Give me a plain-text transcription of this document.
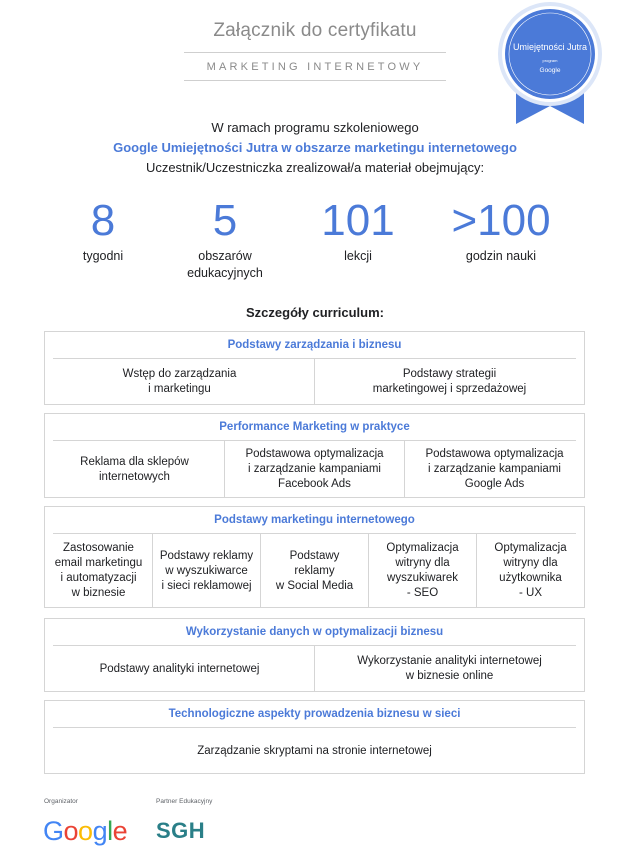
Załącznik do certyfikatu
MARKETING INTERNETOWY
Umiejętności Jutra
program
Google
W ramach programu szkoleniowego
Google Umiejętności Jutra w obszarze marketingu internetowego
Uczestnik/Uczestniczka zrealizował/a materiał obejmujący:
8
tygodni
5
obszarów edukacyjnych
101
lekcji
>100
godzin nauki
Szczegóły curriculum:
Podstawy zarządzania i biznesu
Wstęp do zarządzania
i marketingu
Podstawy strategii
marketingowej i sprzedażowej
Performance Marketing w praktyce
Reklama dla sklepów
internetowych
Podstawowa optymalizacja
i zarządzanie kampaniami
Facebook Ads
Podstawowa optymalizacja
i zarządzanie kampaniami
Google Ads
Podstawy marketingu internetowego
Zastosowanie
email marketingu
i automatyzacji
w biznesie
Podstawy reklamy
w wyszukiwarce
i sieci reklamowej
Podstawy
reklamy
w Social Media
Optymalizacja
witryny dla
wyszukiwarek
- SEO
Optymalizacja
witryny dla
użytkownika
- UX
Wykorzystanie danych w optymalizacji biznesu
Podstawy analityki internetowej
Wykorzystanie analityki internetowej
w biznesie online
Technologiczne aspekty prowadzenia biznesu w sieci
Zarządzanie skryptami na stronie internetowej
Organizator	Partner Edukacyjny
Google SGH
